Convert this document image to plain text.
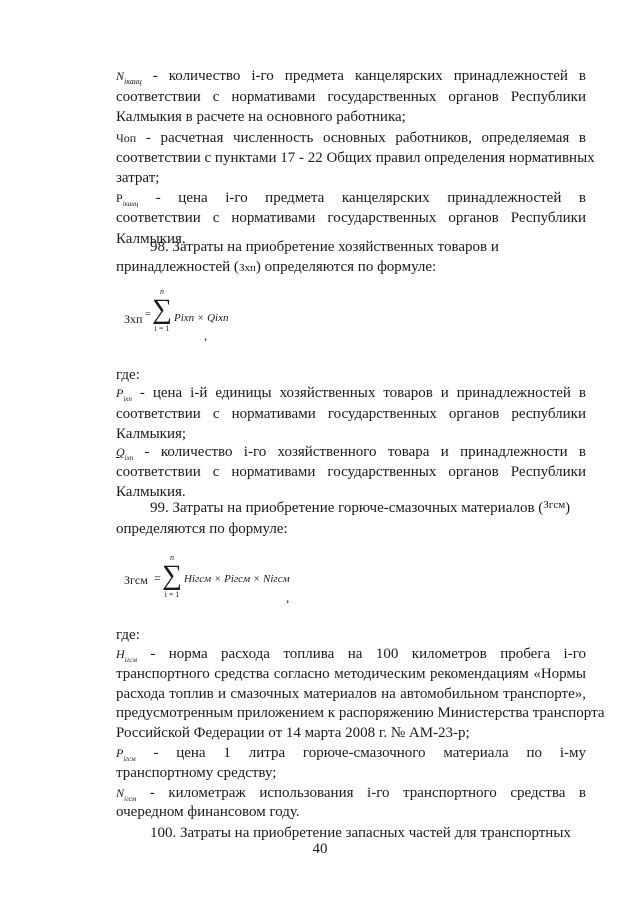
$N_{iканц}$ - количество i-го предмета канцелярских принадлежностей в
соответствии с нормативами государственных органов Республики
Калмыкия в расчете на основного работника;
Чоп - расчетная численность основных работников, определяемая в
соответствии с пунктами 17 - 22 Общих правил определения нормативных
затрат;
$P_{iканц}$ - цена i-го предмета канцелярских принадлежностей в
соответствии с нормативами государственных органов Республики
Калмыкия.
98. Затраты на приобретение хозяйственных товаров и
принадлежностей (Зхп) определяются по формуле:
Зхп =
n
∑
i = 1
Pixn × Qixn
,
где:
$P_{ixn}$ - цена i-й единицы хозяйственных товаров и принадлежностей в
соответствии с нормативами государственных органов республики
Калмыкия;
$Q_{ixn}$ - количество i-го хозяйственного товара и принадлежности в
соответствии с нормативами государственных органов Республики
Калмыкия.
99. Затраты на приобретение горюче-смазочных материалов ($^{Згсм}$)
определяются по формуле:
Згсм =
n
∑
i = 1
Hiгсм × Piгсм × Niгсм
,
где:
$H_{iгсм}$ - норма расхода топлива на 100 километров пробега i-го
транспортного средства согласно методическим рекомендациям «Нормы
расхода топлив и смазочных материалов на автомобильном транспорте»,
предусмотренным приложением к распоряжению Министерства транспорта
Российской Федерации от 14 марта 2008 г. № АМ-23-р;
$P_{iгсм}$ - цена 1 литра горюче-смазочного материала по i-му
транспортному средству;
$N_{iгсм}$ - километраж использования i-го транспортного средства в
очередном финансовом году.
100. Затраты на приобретение запасных частей для транспортных
40
